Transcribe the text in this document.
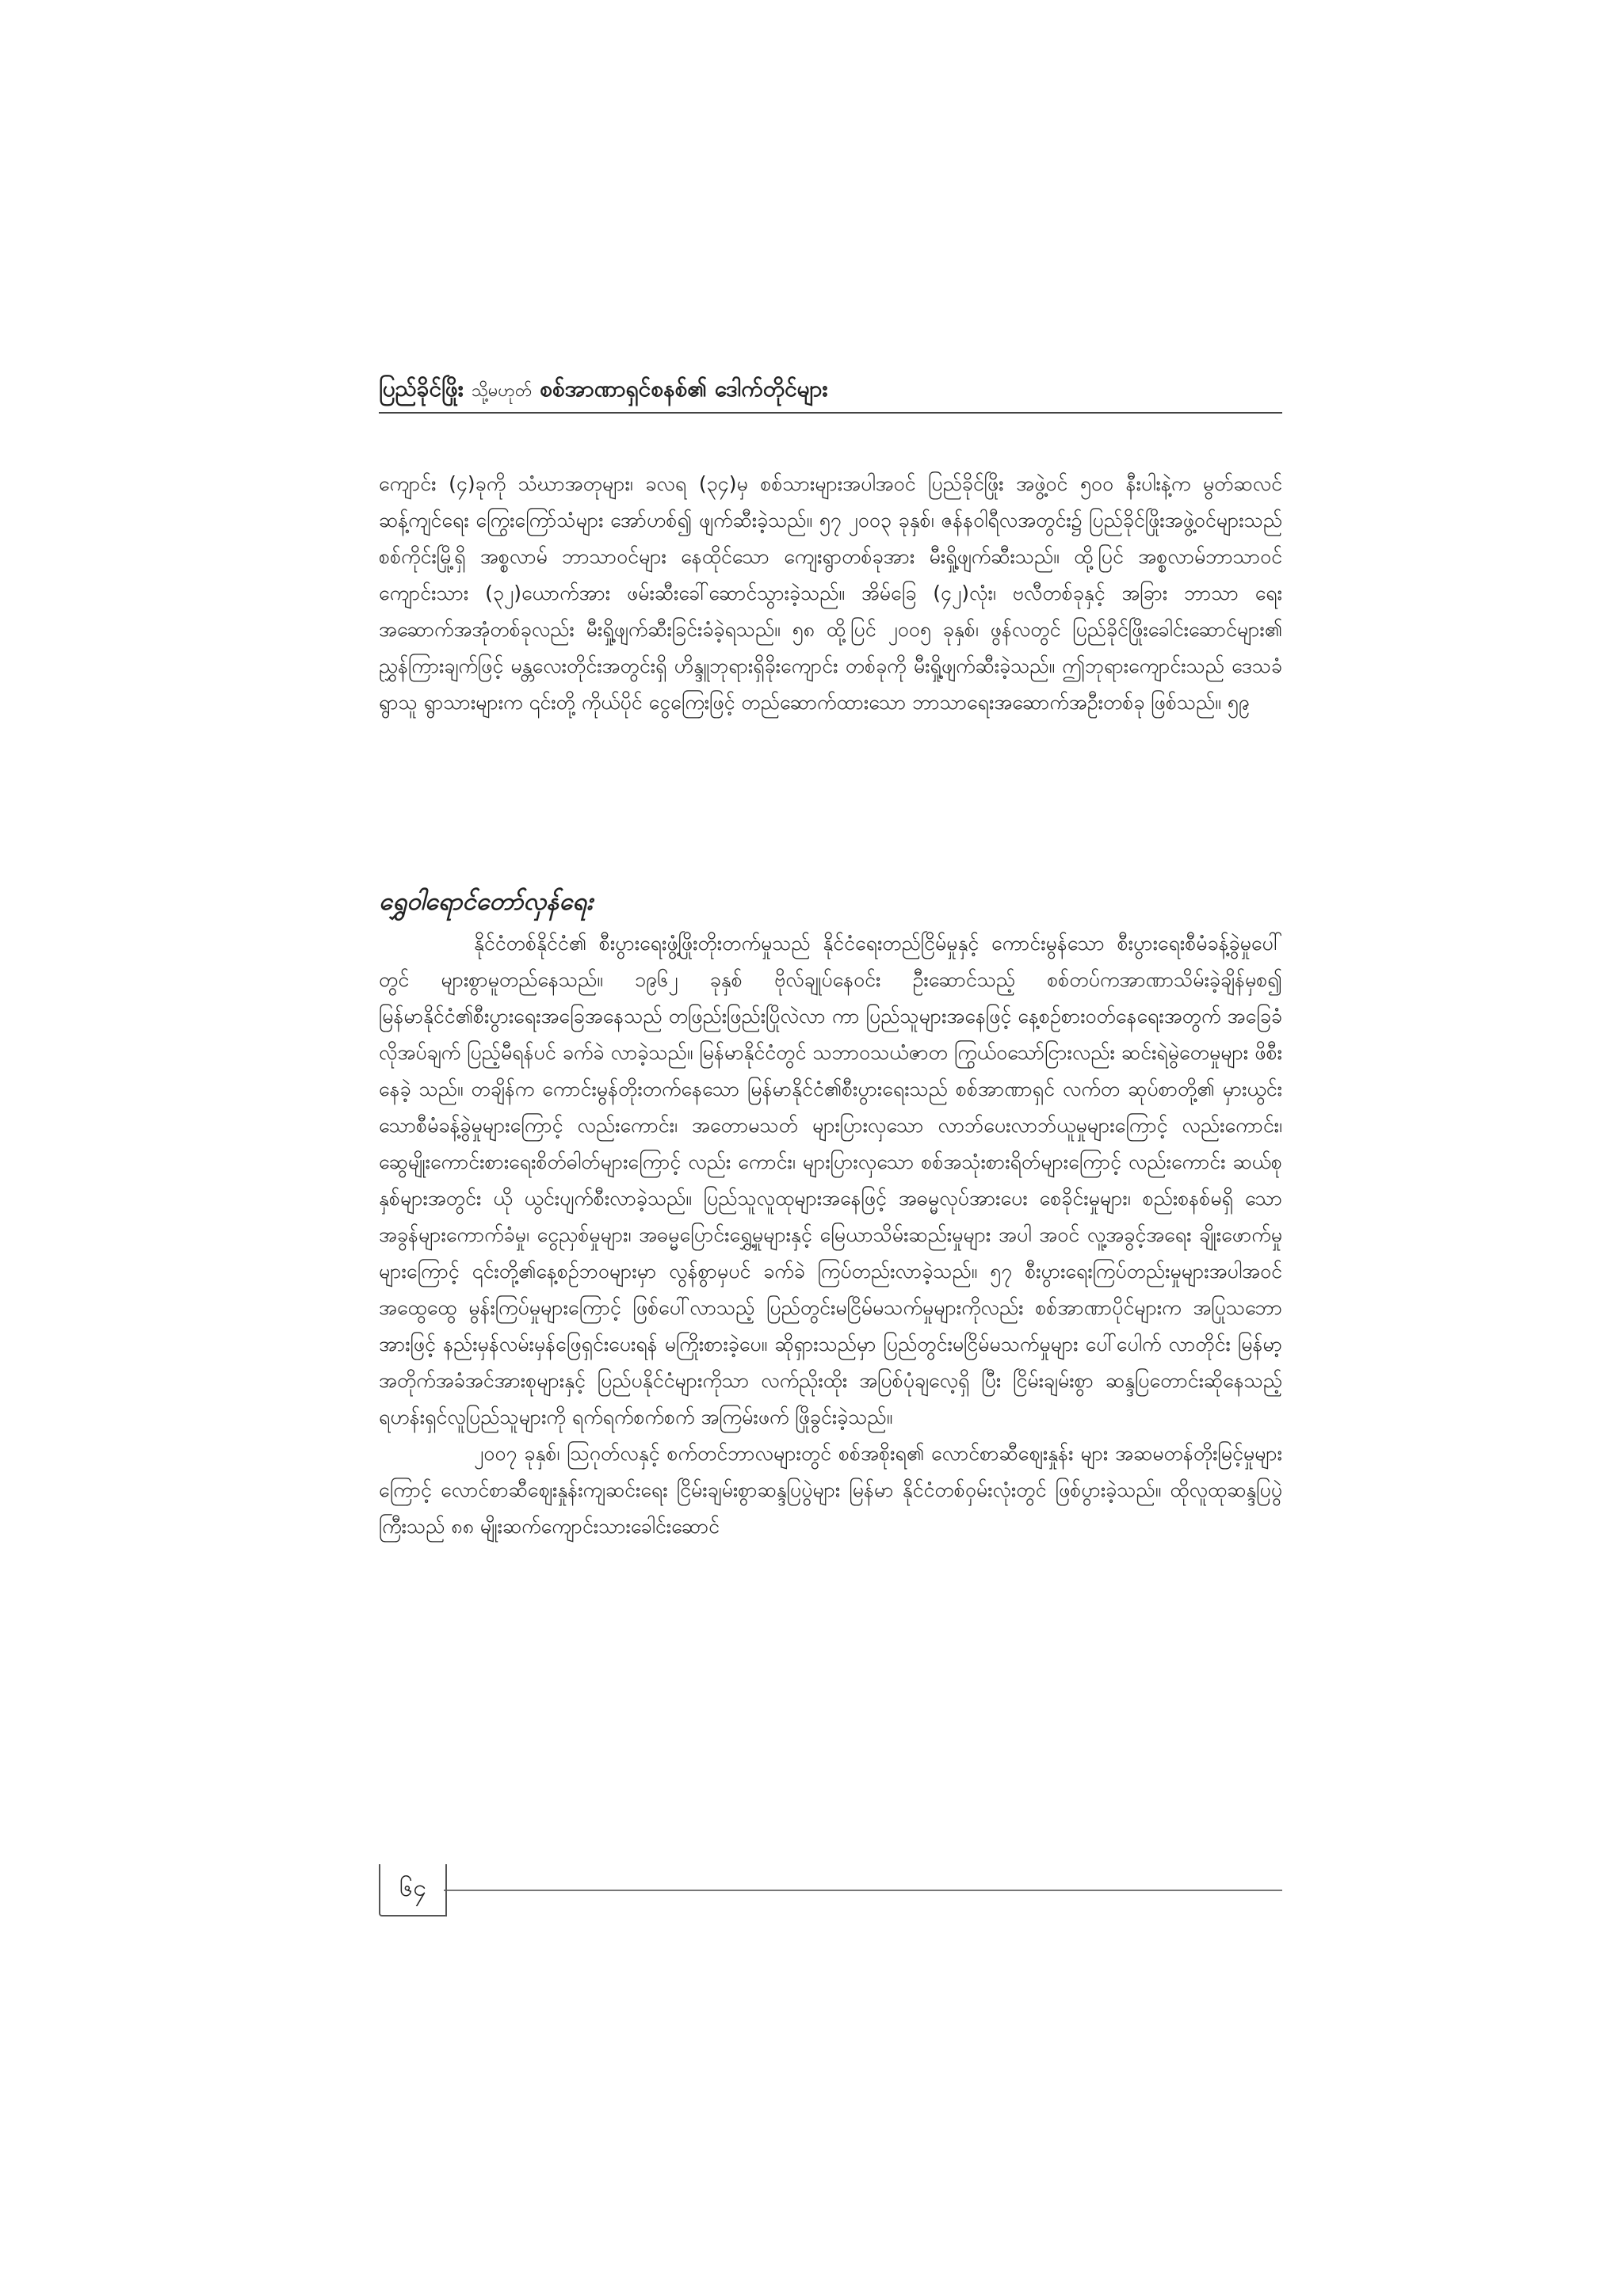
ပြည်ခိုင်ဖြိုး သို့မဟုတ် စစ်အာဏာရှင်စနစ်၏ ဒေါက်တိုင်များ

ကျောင်း (၄)ခုကို သံဃာအတုများ၊ ခလရ (၃၄)မှ စစ်သားများအပါအဝင် ပြည်ခိုင်ဖြိုး အဖွဲ့ဝင် ၅၀၀ နီးပါးနဲ့က မွတ်ဆလင်ဆန့်ကျင်ရေး ကြွေးကြော်သံများ အော်ဟစ်၍ ဖျက်ဆီးခဲ့သည်။ ၅၇ ၂၀၀၃ ခုနှစ်၊ ဇန်နဝါရီလအတွင်း၌ ပြည်ခိုင်ဖြိုးအဖွဲ့ဝင်များသည် စစ်ကိုင်းမြို့ရှိ အစ္စလာမ် ဘာသာဝင်များ နေထိုင်သော ကျေးရွာတစ်ခုအား မီးရှို့ဖျက်ဆီးသည်။ ထို့ပြင် အစ္စလာမ်ဘာသာဝင် ကျောင်းသား (၃၂)ယောက်အား ဖမ်းဆီးခေါ်ဆောင်သွားခဲ့သည်။ အိမ်ခြေ (၄၂)လုံး၊ ဗလီတစ်ခုနှင့် အခြား ဘာသာ ရေးအဆောက်အအုံတစ်ခုလည်း မီးရှို့ဖျက်ဆီးခြင်းခံခဲ့ရသည်။ ၅၈ ထို့ပြင် ၂၀၀၅ ခုနှစ်၊ ဖွန်လတွင် ပြည်ခိုင်ဖြိုးခေါင်းဆောင်များ၏ ညွှန်ကြားချက်ဖြင့် မန္တလေးတိုင်းအတွင်းရှိ ဟိန္ဒူဘုရားရှိခိုးကျောင်း တစ်ခုကို မီးရှို့ဖျက်ဆီးခဲ့သည်။ ဤဘုရားကျောင်းသည် ဒေသခံရွာသူ ရွာသားများက ၎င်းတို့ ကိုယ်ပိုင် ငွေကြေးဖြင့် တည်ဆောက်ထားသော ဘာသာရေးအဆောက်အဦးတစ်ခု ဖြစ်သည်။ ၅၉

ရွှေဝါရောင်တော်လှန်ရေး

နိုင်ငံတစ်နိုင်ငံ၏ စီးပွားရေးဖွံ့ဖြိုးတိုးတက်မှုသည် နိုင်ငံရေးတည်ငြိမ်မှုနှင့် ကောင်းမွန်သော စီးပွားရေးစီမံခန့်ခွဲမှုပေါ်တွင် များစွာမူတည်နေသည်။ ၁၉၆၂ ခုနှစ် ဗိုလ်ချုပ်နေဝင်း ဦးဆောင်သည့် စစ်တပ်ကအာဏာသိမ်းခဲ့ချိန်မှစ၍ မြန်မာနိုင်ငံ၏စီးပွားရေးအခြေအနေသည် တဖြည်းဖြည်းပြိုလဲလာ ကာ ပြည်သူများအနေဖြင့် နေ့စဉ်စားဝတ်နေရေးအတွက် အခြေခံလိုအပ်ချက် ပြည့်မီရန်ပင် ခက်ခဲ လာခဲ့သည်။ မြန်မာနိုင်ငံတွင် သဘာဝသယံဇာတ ကြွယ်ဝသော်ငြားလည်း ဆင်းရဲမွဲတေမှုများ ဖိစီးနေခဲ့ သည်။ တချိန်က ကောင်းမွန်တိုးတက်နေသော မြန်မာနိုင်ငံ၏စီးပွားရေးသည် စစ်အာဏာရှင် လက်တ ဆုပ်စာတို့၏ မှားယွင်းသောစီမံခန့်ခွဲမှုများကြောင့် လည်းကောင်း၊ အတောမသတ် များပြားလှသော လာဘ်ပေးလာဘ်ယူမှုများကြောင့် လည်းကောင်း၊ ဆွေမျိုးကောင်းစားရေးစိတ်ဓါတ်များကြောင့် လည်း ကောင်း၊ များပြားလှသော စစ်အသုံးစားရိတ်များကြောင့် လည်းကောင်း ဆယ်စုနှစ်များအတွင်း ယို ယွင်းပျက်စီးလာခဲ့သည်။ ပြည်သူလူထုများအနေဖြင့် အဓမ္မလုပ်အားပေး စေခိုင်းမှုများ၊ စည်းစနစ်မရှိ သော အခွန်များကောက်ခံမှု၊ ငွေညှစ်မှုများ၊ အဓမ္မပြောင်းရွှေ့မှုများနှင့် မြေယာသိမ်းဆည်းမှုများ အပါ အဝင် လူ့အခွင့်အရေး ချိုးဖောက်မှုများကြောင့် ၎င်းတို့၏နေ့စဉ်ဘဝများမှာ လွန်စွာမှပင် ခက်ခဲ ကြပ်တည်းလာခဲ့သည်။ ၅၇ စီးပွားရေးကြပ်တည်းမှုများအပါအဝင် အထွေထွေ မွန်းကြပ်မှုများကြောင့် ဖြစ်ပေါ်လာသည့် ပြည်တွင်းမငြိမ်မသက်မှုများကိုလည်း စစ်အာဏာပိုင်များက အပြုသဘောအားဖြင့် နည်းမှန်လမ်းမှန်ဖြေရှင်းပေးရန် မကြိုးစားခဲ့ပေ။ ဆိုရှားသည်မှာ ပြည်တွင်းမငြိမ်မသက်မှုများ ပေါ်ပေါက် လာတိုင်း မြန်မာ့အတိုက်အခံအင်အားစုများနှင့် ပြည်ပနိုင်ငံများကိုသာ လက်ညိုးထိုး အပြစ်ပုံချလေ့ရှိ ပြီး ငြိမ်းချမ်းစွာ ဆန္ဒပြတောင်းဆိုနေသည့် ရဟန်းရှင်လူပြည်သူများကို ရက်ရက်စက်စက် အကြမ်းဖက် ဖြိုခွင်းခဲ့သည်။

၂၀၀၇ ခုနှစ်၊ သြဂုတ်လနှင့် စက်တင်ဘာလများတွင် စစ်အစိုးရ၏ လောင်စာဆီဈေးနှုန်း များ အဆမတန်တိုးမြင့်မှုများကြောင့် လောင်စာဆီဈေးနှုန်းကျဆင်းရေး ငြိမ်းချမ်းစွာဆန္ဒပြပွဲများ မြန်မာ နိုင်ငံတစ်ဝှမ်းလုံးတွင် ဖြစ်ပွားခဲ့သည်။ ထိုလူထုဆန္ဒပြပွဲကြီးသည် ၈၈ မျိုးဆက်ကျောင်းသားခေါင်းဆောင်

၆၄
